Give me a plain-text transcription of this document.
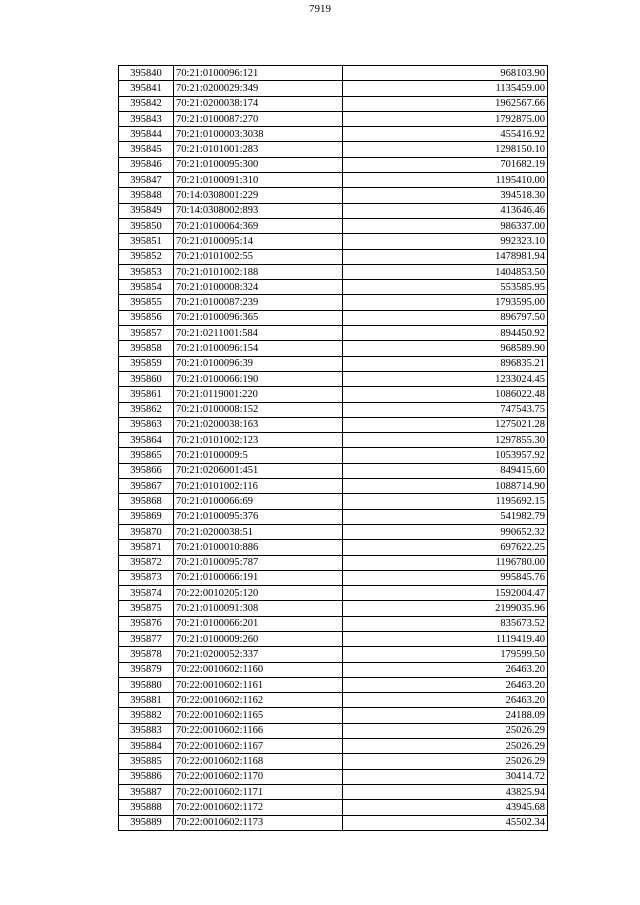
7919
395840	70:21:0100096:121	968103.90
395841	70:21:0200029:349	1135459.00
395842	70:21:0200038:174	1962567.66
395843	70:21:0100087:270	1792875.00
395844	70:21:0100003:3038	455416.92
395845	70:21:0101001:283	1298150.10
395846	70:21:0100095:300	701682.19
395847	70:21:0100091:310	1195410.00
395848	70:14:0308001:229	394518.30
395849	70:14:0308002:893	413646.46
395850	70:21:0100064:369	986337.00
395851	70:21:0100095:14	992323.10
395852	70:21:0101002:55	1478981.94
395853	70:21:0101002:188	1404853.50
395854	70:21:0100008:324	553585.95
395855	70:21:0100087:239	1793595.00
395856	70:21:0100096:365	896797.50
395857	70:21:0211001:584	894450.92
395858	70:21:0100096:154	968589.90
395859	70:21:0100096:39	896835.21
395860	70:21:0100066:190	1233024.45
395861	70:21:0119001:220	1086022.48
395862	70:21:0100008:152	747543.75
395863	70:21:0200038:163	1275021.28
395864	70:21:0101002:123	1297855.30
395865	70:21:0100009:5	1053957.92
395866	70:21:0206001:451	849415.60
395867	70:21:0101002:116	1088714.90
395868	70:21:0100066:69	1195692.15
395869	70:21:0100095:376	541982.79
395870	70:21:0200038:51	990652.32
395871	70:21:0100010:886	697622.25
395872	70:21:0100095:787	1196780.00
395873	70:21:0100066:191	995845.76
395874	70:22:0010205:120	1592004.47
395875	70:21:0100091:308	2199035.96
395876	70:21:0100066:201	835673.52
395877	70:21:0100009:260	1119419.40
395878	70:21:0200052:337	179599.50
395879	70:22:0010602:1160	26463.20
395880	70:22:0010602:1161	26463.20
395881	70:22:0010602:1162	26463.20
395882	70:22:0010602:1165	24188.09
395883	70:22:0010602:1166	25026.29
395884	70:22:0010602:1167	25026.29
395885	70:22:0010602:1168	25026.29
395886	70:22:0010602:1170	30414.72
395887	70:22:0010602:1171	43825.94
395888	70:22:0010602:1172	43945.68
395889	70:22:0010602:1173	45502.34
